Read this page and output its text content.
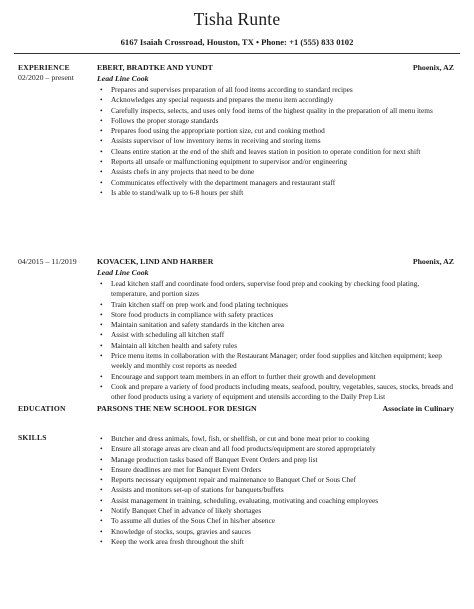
Tisha Runte
6167 Isaiah Crossroad, Houston, TX • Phone: +1 (555) 833 0102
EXPERIENCE
02/2020 – present
EBERT, BRADTKE AND YUNDT	Phoenix, AZ
Lead Line Cook
• Prepares and supervises preparation of all food items according to standard recipes
• Acknowledges any special requests and prepares the menu item accordingly
• Carefully inspects, selects, and uses only food items of the highest quality in the preparation of all menu items
• Follows the proper storage standards
• Prepares food using the appropriate portion size, cut and cooking method
• Assists supervisor of low inventory items in receiving and storing items
• Cleans entire station at the end of the shift and leaves station in position to operate condition for next shift
• Reports all unsafe or malfunctioning equipment to supervisor and/or engineering
• Assists chefs in any projects that need to be done
• Communicates effectively with the department managers and restaurant staff
• Is able to stand/walk up to 6-8 hours per shift
04/2015 – 11/2019	KOVACEK, LIND AND HARBER	Phoenix, AZ
Lead Line Cook
• Lead kitchen staff and coordinate food orders, supervise food prep and cooking by checking food plating, temperature, and portion sizes
• Train kitchen staff on prep work and food plating techniques
• Store food products in compliance with safety practices
• Maintain sanitation and safety standards in the kitchen area
• Assist with scheduling all kitchen staff
• Maintain all kitchen health and safety rules
• Price menu items in collaboration with the Restaurant Manager; order food supplies and kitchen equipment; keep weekly and monthly cost reports as needed
• Encourage and support team members in an effort to further their growth and development
• Cook and prepare a variety of food products including meats, seafood, poultry, vegetables, sauces, stocks, breads and other food products using a variety of equipment and utensils according to the Daily Prep List
EDUCATION	PARSONS THE NEW SCHOOL FOR DESIGN	Associate in Culinary
SKILLS
•	Butcher and dress animals, fowl, fish, or shellfish, or cut and bone meat prior to cooking
• Ensure all storage areas are clean and all food products/equipment are stored appropriately
• Manage production tasks based off Banquet Event Orders and prep list
• Ensure deadlines are met for Banquet Event Orders
• Reports necessary equipment repair and maintenance to Banquet Chef or Sous Chef
• Assists and monitors set-up of stations for banquets/buffets
• Assist management in training, scheduling, evaluating, motivating and coaching employees
• Notify Banquet Chef in advance of likely shortages
• To assume all duties of the Sous Chef in his/her absence
• Knowledge of stocks, soups, gravies and sauces
• Keep the work area fresh throughout the shift
